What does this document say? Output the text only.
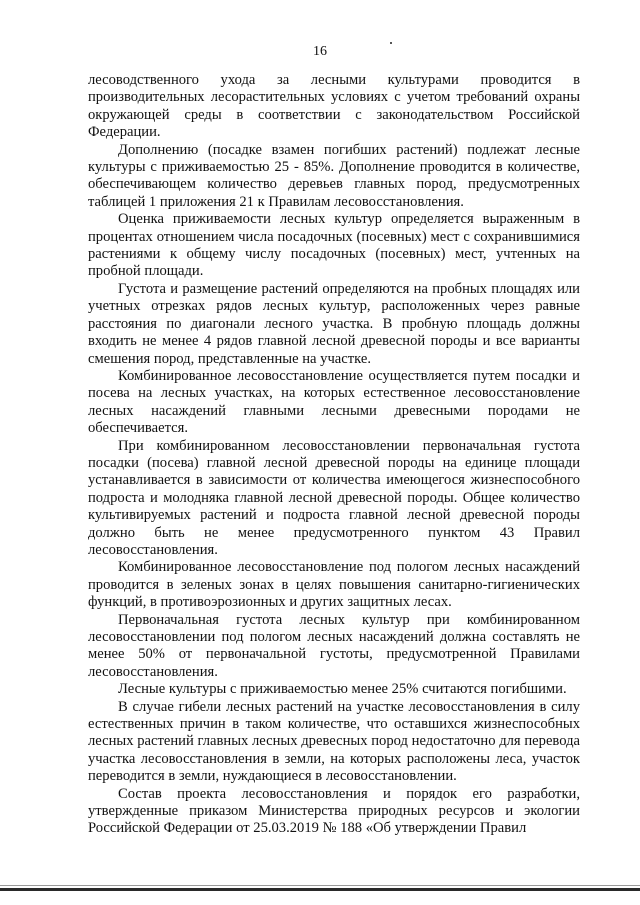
16

лесоводственного ухода за лесными культурами проводится в производительных лесорастительных условиях с учетом требований охраны окружающей среды в соответствии с законодательством Российской Федерации.

Дополнению (посадке взамен погибших растений) подлежат лесные культуры с приживаемостью 25 - 85%. Дополнение проводится в количестве, обеспечивающем количество деревьев главных пород, предусмотренных таблицей 1 приложения 21 к Правилам лесовосстановления.

Оценка приживаемости лесных культур определяется выраженным в процентах отношением числа посадочных (посевных) мест с сохранившимися растениями к общему числу посадочных (посевных) мест, учтенных на пробной площади.

Густота и размещение растений определяются на пробных площадях или учетных отрезках рядов лесных культур, расположенных через равные расстояния по диагонали лесного участка. В пробную площадь должны входить не менее 4 рядов главной лесной древесной породы и все варианты смешения пород, представленные на участке.

Комбинированное лесовосстановление осуществляется путем посадки и посева на лесных участках, на которых естественное лесовосстановление лесных насаждений главными лесными древесными породами не обеспечивается.

При комбинированном лесовосстановлении первоначальная густота посадки (посева) главной лесной древесной породы на единице площади устанавливается в зависимости от количества имеющегося жизнеспособного подроста и молодняка главной лесной древесной породы. Общее количество культивируемых растений и подроста главной лесной древесной породы должно быть не менее предусмотренного пунктом 43 Правил лесовосстановления.

Комбинированное лесовосстановление под пологом лесных насаждений проводится в зеленых зонах в целях повышения санитарно-гигиенических функций, в противоэрозионных и других защитных лесах.

Первоначальная густота лесных культур при комбинированном лесовосстановлении под пологом лесных насаждений должна составлять не менее 50% от первоначальной густоты, предусмотренной Правилами лесовосстановления.

Лесные культуры с приживаемостью менее 25% считаются погибшими.

В случае гибели лесных растений на участке лесовосстановления в силу естественных причин в таком количестве, что оставшихся жизнеспособных лесных растений главных лесных древесных пород недостаточно для перевода участка лесовосстановления в земли, на которых расположены леса, участок переводится в земли, нуждающиеся в лесовосстановлении.

Состав проекта лесовосстановления и порядок его разработки, утвержденные приказом Министерства природных ресурсов и экологии Российской Федерации от 25.03.2019 № 188 «Об утверждении Правил
